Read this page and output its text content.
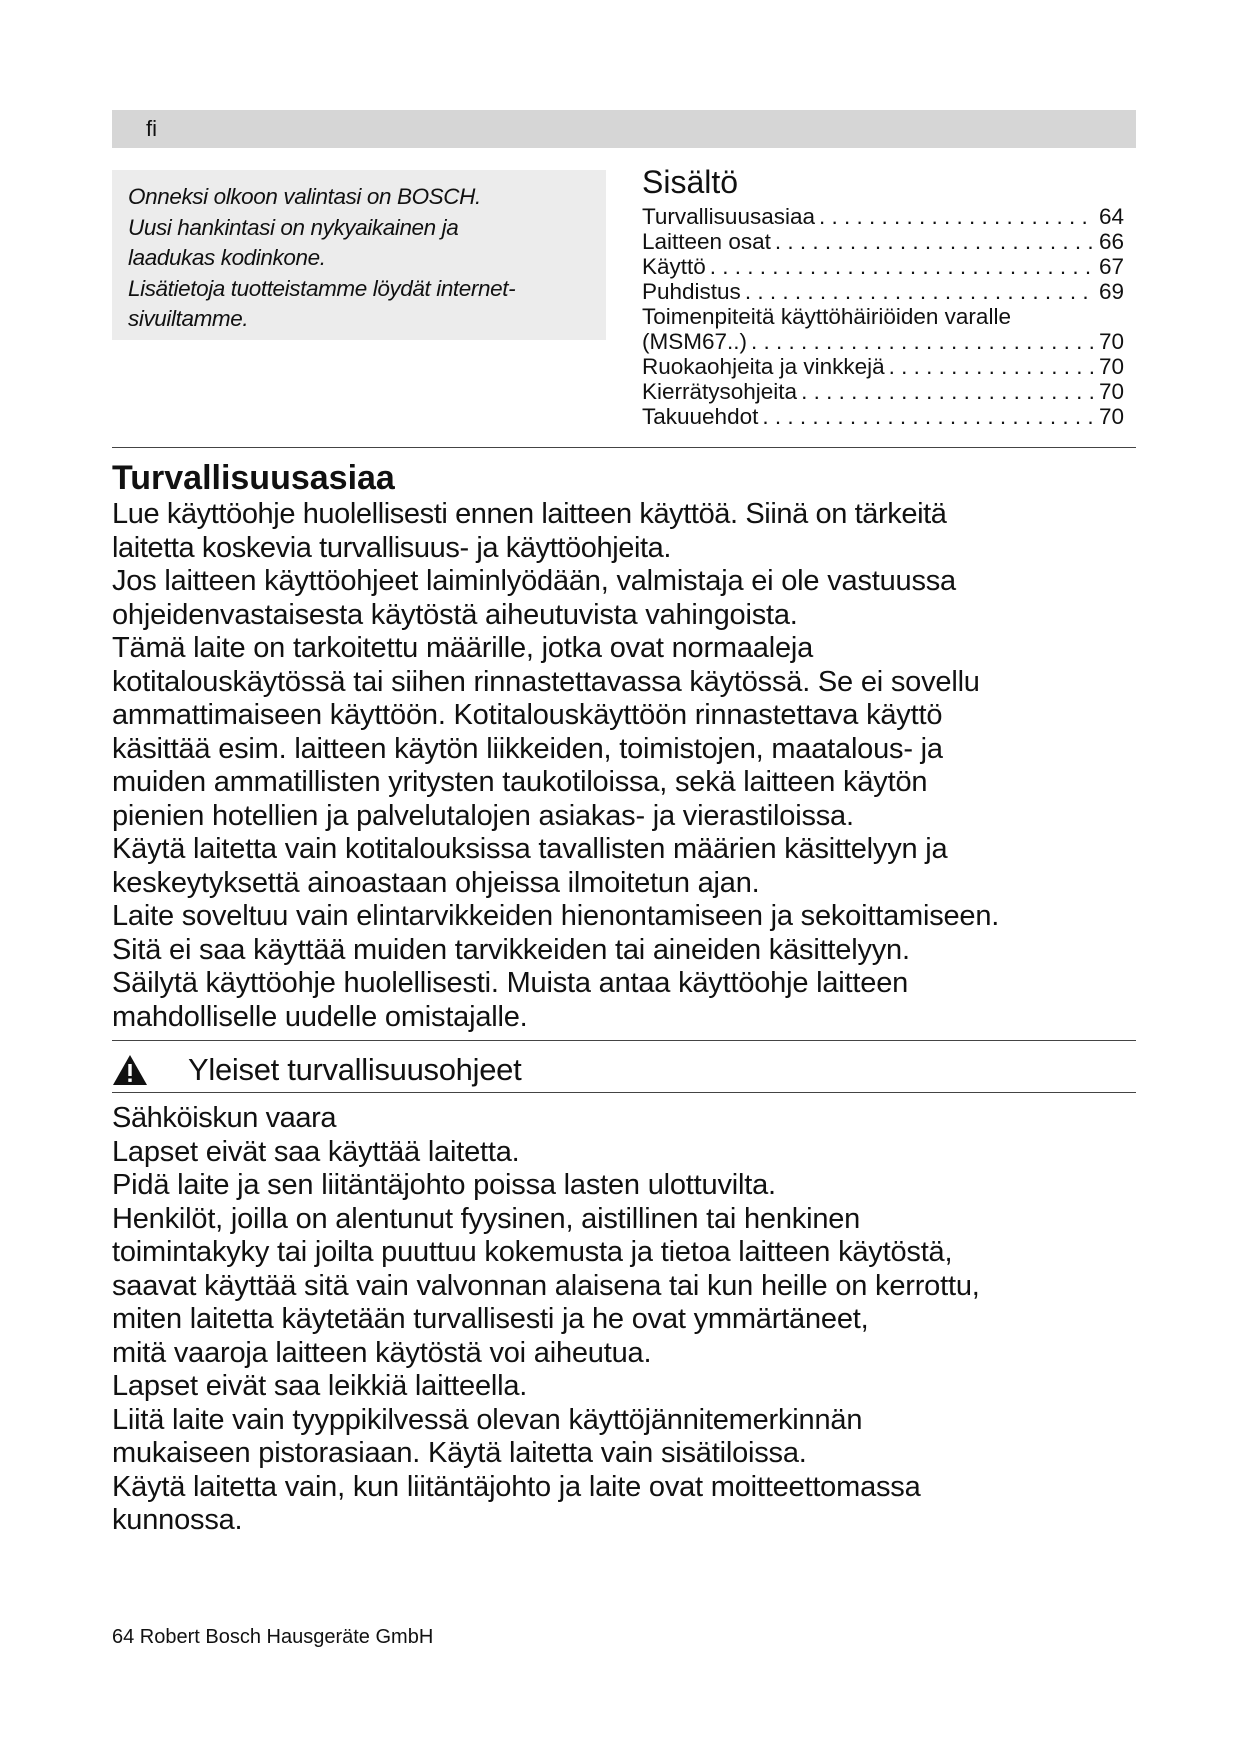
fi

Onneksi olkoon valintasi on BOSCH.

Uusi hankintasi on nykyaikainen ja

laadukas kodinkone.

Lisätietoja tuotteistamme löydät internet-

sivuiltamme.

Sisältö
Turvallisuusasiaa . . .	64
Laitteen osat . . .	66
Käyttö . . .	67
Puhdistus . . .	69
Toimenpiteitä käyttöhäiriöiden varalle
(MSM67..) . . .	70
Ruokaohjeita ja vinkkejä . . .	70
Kierrätysohjeita . . .	70
Takuuehdot . . .	70
Turvallisuusasiaa

Lue käyttöohje huolellisesti ennen laitteen käyttöä. Siinä on tärkeitä

laitetta koskevia turvallisuus- ja käyttöohjeita.

Jos laitteen käyttöohjeet laiminlyödään, valmistaja ei ole vastuussa
ohjeidenvastaisesta käytöstä aiheutuvista vahingoista.
Tämä laite on tarkoitettu määrille, jotka ovat normaaleja
kotitalouskäytössä tai siihen rinnastettavassa käytössä. Se ei sovellu
ammattimaiseen käyttöön. Kotitalouskäyttöön rinnastettava käyttö
käsittää esim. laitteen käytön liikkeiden, toimistojen, maatalous- ja
muiden ammatillisten yritysten taukotiloissa, sekä laitteen käytön
pienien hotellien ja palvelutalojen asiakas- ja vierastiloissa.
Käytä laitetta vain kotitalouksissa tavallisten määrien käsittelyyn ja
keskeytyksettä ainoastaan ohjeissa ilmoitetun ajan.
Laite soveltuu vain elintarvikkeiden hienontamiseen ja sekoittamiseen.
Sitä ei saa käyttää muiden tarvikkeiden tai aineiden käsittelyyn.
Säilytä käyttöohje huolellisesti. Muista antaa käyttöohje laitteen
mahdolliselle uudelle omistajalle.
Yleiset turvallisuusohjeet

Sähköiskun vaara

Lapset eivät saa käyttää laitetta.
Pidä laite ja sen liitäntäjohto poissa lasten ulottuvilta.
Henkilöt, joilla on alentunut fyysinen, aistillinen tai henkinen
toimintakyky tai joilta puuttuu kokemusta ja tietoa laitteen käytöstä,
saavat käyttää sitä vain valvonnan alaisena tai kun heille on kerrottu,
miten laitetta käytetään turvallisesti ja he ovat ymmärtäneet,
mitä vaaroja laitteen käytöstä voi aiheutua.
Lapset eivät saa leikkiä laitteella.
Liitä laite vain tyyppikilvessä olevan käyttöjännitemerkinnän
mukaiseen pistorasiaan. Käytä laitetta vain sisätiloissa.
Käytä laitetta vain, kun liitäntäjohto ja laite ovat moitteettomassa
kunnossa.
64 Robert Bosch Hausgeräte GmbH
